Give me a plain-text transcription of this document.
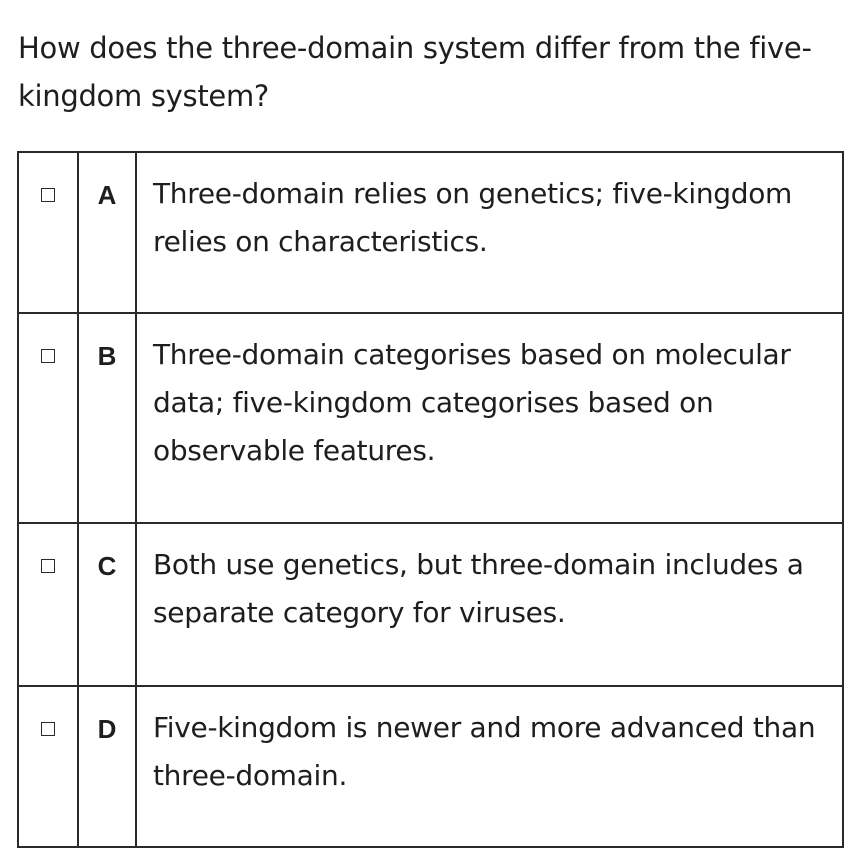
How does the three-domain system differ from the five-kingdom system?

	A	Three-domain relies on genetics; five-kingdom relies on characteristics.

	B	Three-domain categorises based on molecular data; five-kingdom categorises based on observable features.

	C	Both use genetics, but three-domain includes a separate category for viruses.

	D	Five-kingdom is newer and more advanced than three-domain.
